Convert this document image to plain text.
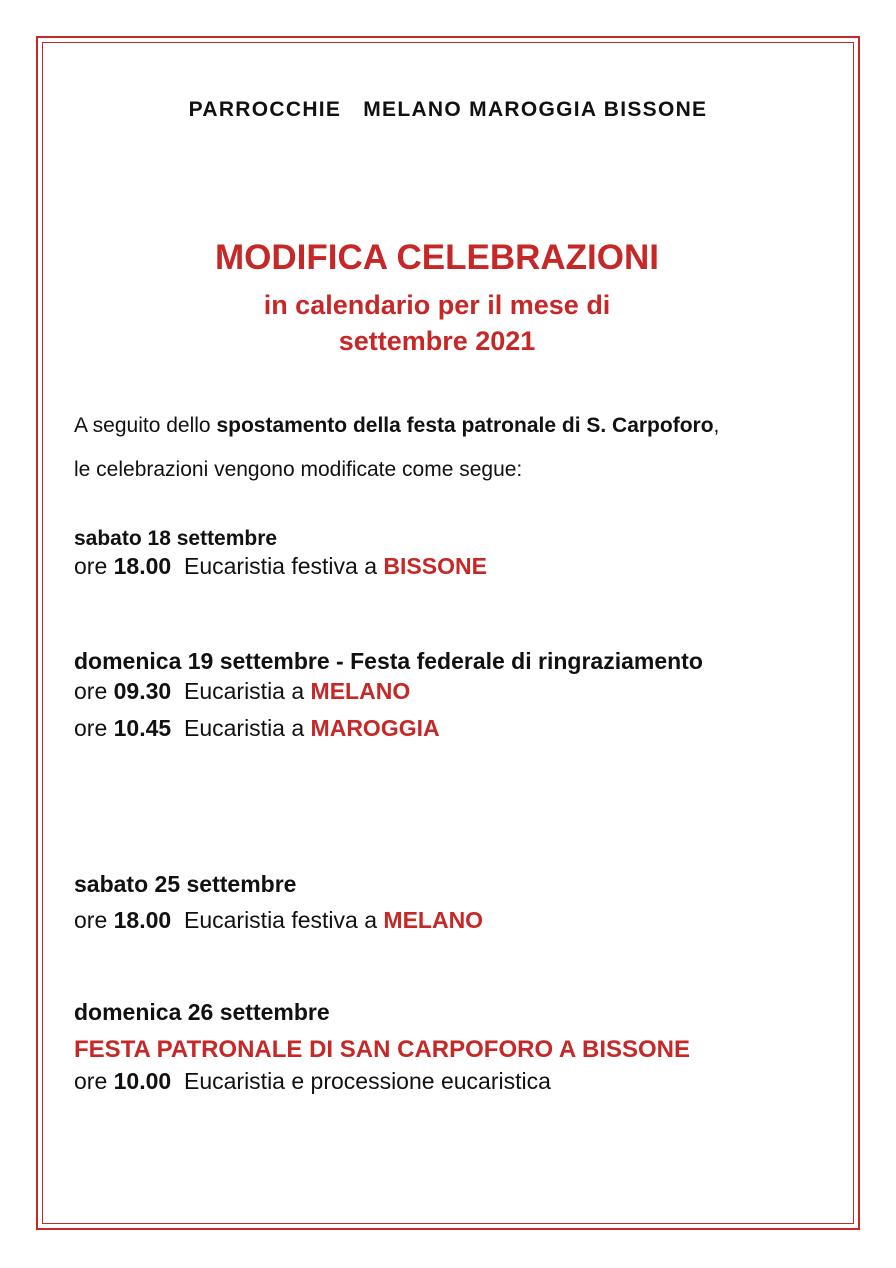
PARROCCHIE MELANO MAROGGIA BISSONE
MODIFICA CELEBRAZIONI
in calendario per il mese di
settembre 2021
A seguito dello spostamento della festa patronale di S. Carpoforo,
le celebrazioni vengono modificate come segue:
sabato 18 settembre
ore 18.00  Eucaristia festiva a BISSONE
domenica 19 settembre - Festa federale di ringraziamento
ore 09.30  Eucaristia a MELANO
ore 10.45  Eucaristia a MAROGGIA
sabato 25 settembre
ore 18.00  Eucaristia festiva a MELANO
domenica 26 settembre
FESTA PATRONALE DI SAN CARPOFORO A BISSONE
ore 10.00  Eucaristia e processione eucaristica
